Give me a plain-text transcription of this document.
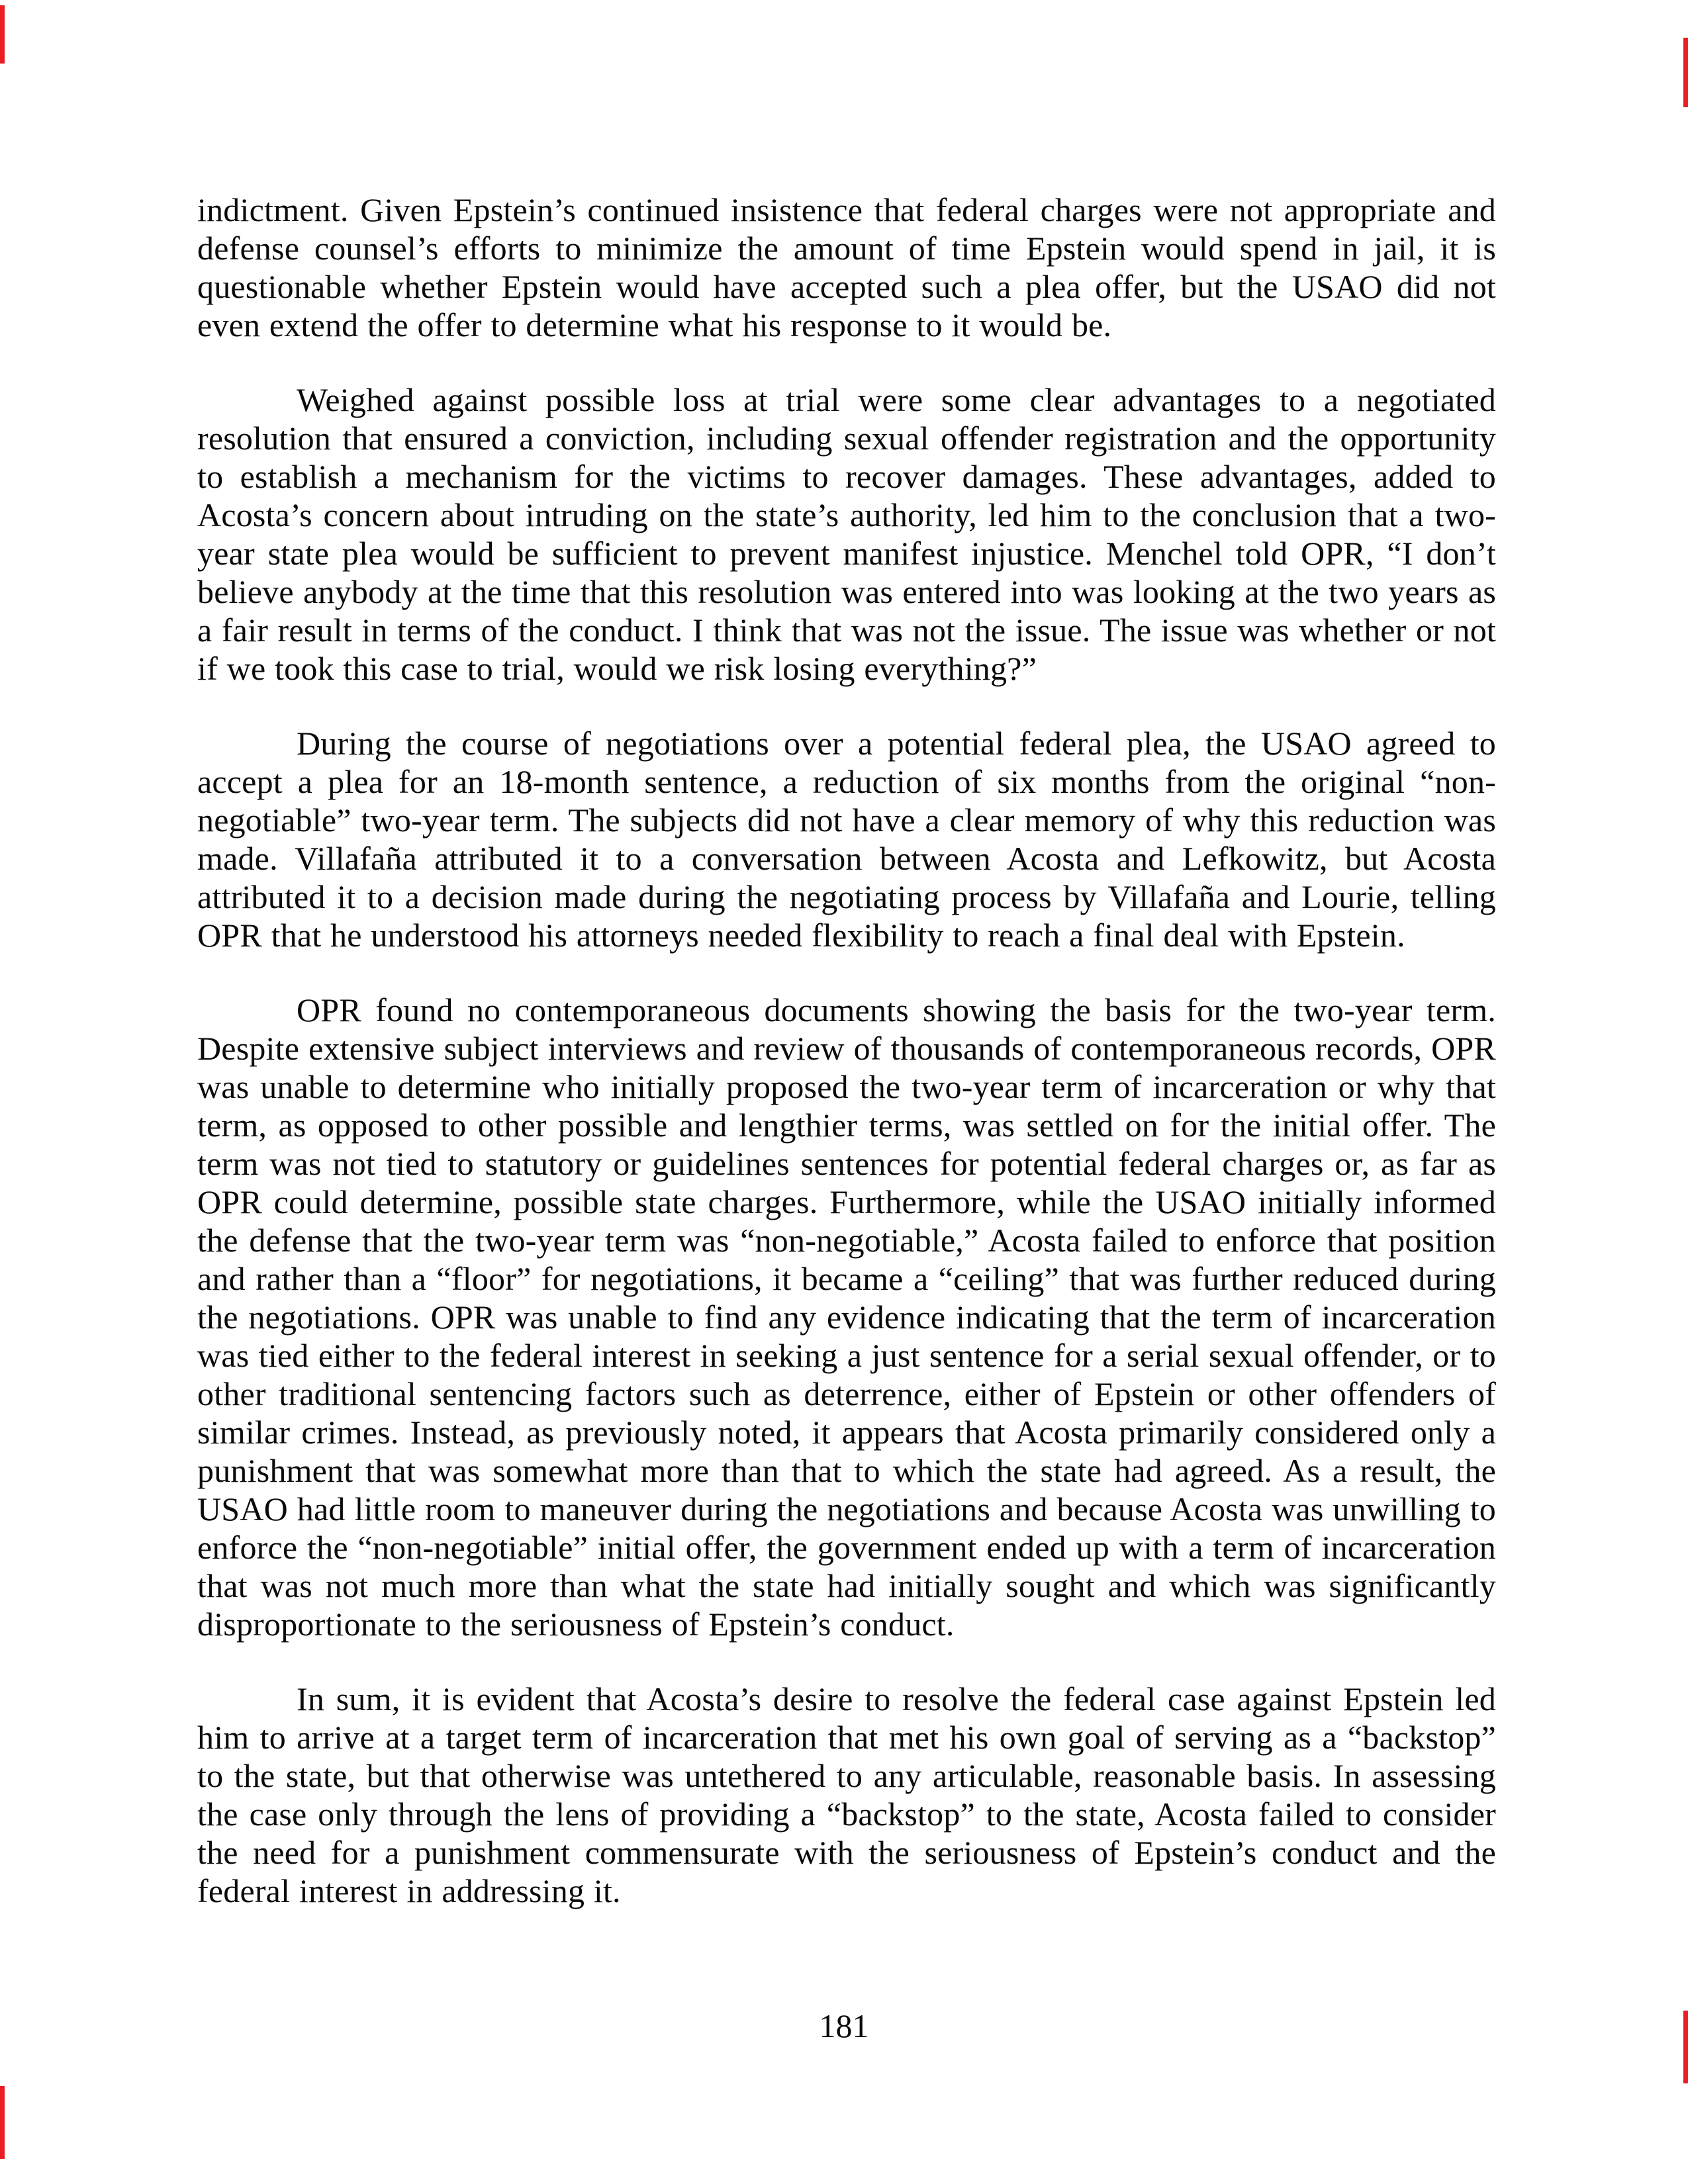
indictment. Given Epstein’s continued insistence that federal charges were not appropriate and defense counsel’s efforts to minimize the amount of time Epstein would spend in jail, it is questionable whether Epstein would have accepted such a plea offer, but the USAO did not even extend the offer to determine what his response to it would be.

Weighed against possible loss at trial were some clear advantages to a negotiated resolution that ensured a conviction, including sexual offender registration and the opportunity to establish a mechanism for the victims to recover damages. These advantages, added to Acosta’s concern about intruding on the state’s authority, led him to the conclusion that a two-year state plea would be sufficient to prevent manifest injustice. Menchel told OPR, “I don’t believe anybody at the time that this resolution was entered into was looking at the two years as a fair result in terms of the conduct. I think that was not the issue. The issue was whether or not if we took this case to trial, would we risk losing everything?”

During the course of negotiations over a potential federal plea, the USAO agreed to accept a plea for an 18-month sentence, a reduction of six months from the original “non-negotiable” two-year term. The subjects did not have a clear memory of why this reduction was made. Villafaña attributed it to a conversation between Acosta and Lefkowitz, but Acosta attributed it to a decision made during the negotiating process by Villafaña and Lourie, telling OPR that he understood his attorneys needed flexibility to reach a final deal with Epstein.

OPR found no contemporaneous documents showing the basis for the two-year term. Despite extensive subject interviews and review of thousands of contemporaneous records, OPR was unable to determine who initially proposed the two-year term of incarceration or why that term, as opposed to other possible and lengthier terms, was settled on for the initial offer. The term was not tied to statutory or guidelines sentences for potential federal charges or, as far as OPR could determine, possible state charges. Furthermore, while the USAO initially informed the defense that the two-year term was “non-negotiable,” Acosta failed to enforce that position and rather than a “floor” for negotiations, it became a “ceiling” that was further reduced during the negotiations. OPR was unable to find any evidence indicating that the term of incarceration was tied either to the federal interest in seeking a just sentence for a serial sexual offender, or to other traditional sentencing factors such as deterrence, either of Epstein or other offenders of similar crimes. Instead, as previously noted, it appears that Acosta primarily considered only a punishment that was somewhat more than that to which the state had agreed. As a result, the USAO had little room to maneuver during the negotiations and because Acosta was unwilling to enforce the “non-negotiable” initial offer, the government ended up with a term of incarceration that was not much more than what the state had initially sought and which was significantly disproportionate to the seriousness of Epstein’s conduct.

In sum, it is evident that Acosta’s desire to resolve the federal case against Epstein led him to arrive at a target term of incarceration that met his own goal of serving as a “backstop” to the state, but that otherwise was untethered to any articulable, reasonable basis. In assessing the case only through the lens of providing a “backstop” to the state, Acosta failed to consider the need for a punishment commensurate with the seriousness of Epstein’s conduct and the federal interest in addressing it.

181
